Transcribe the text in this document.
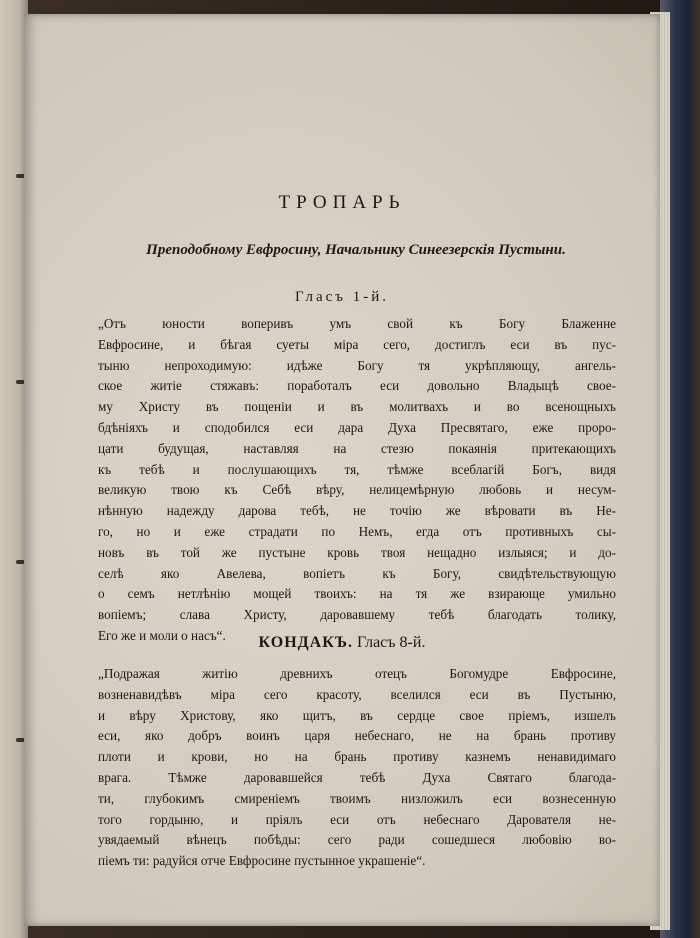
ТРОПАРЬ
Преподобному Евфросину, Начальнику Синеезерскія Пустыни.
Гласъ 1-й.
„Отъ юности воперивъ умъ свой къ Богу Блаженне
Евфросине, и бѣгая суеты міра сего, достиглъ еси въ пус-
тыню непроходимую: идѣже Богу тя укрѣпляющу, ангель-
ское житіе стяжавъ: поработалъ еси довольно Владыцѣ свое-
му Христу въ пощеніи и въ молитвахъ и во всенощныхъ
бдѣніяхъ и сподобился еси дара Духа Пресвятаго, еже проро-
цати будущая, наставляя на стезю покаянія притекающихъ
къ тебѣ и послушающихъ тя, тѣмже всеблагій Богъ, видя
великую твою къ Себѣ вѣру, нелицемѣрную любовь и несум-
нѣнную надежду дарова тебѣ, не точію же вѣровати въ Не-
го, но и еже страдати по Немъ, егда отъ противныхъ сы-
новъ въ той же пустыне кровь твоя нещадно излыяся; и до-
селѣ яко Авелева, вопіетъ къ Богу, свидѣтельствующую
о семъ нетлѣнію мощей твоихъ: на тя же взирающе умильно
вопіемъ; слава Христу, даровавшему тебѣ благодать толику,
Его же и моли о насъ“.	КОНДАКЪ. Гласъ 8-й.
„Подражая житію древнихъ отецъ Богомудре Евфросине,
возненавидѣвъ міра сего красоту, вселился еси въ Пустыню,
и вѣру Христову, яко щитъ, въ сердце свое пріемъ, изшелъ
еси, яко добръ воинъ царя небеснаго, не на брань противу
плоти и крови, но на брань противу казнемъ ненавидимаго
врага. Тѣмже даровавшейся тебѣ Духа Святаго благода-
ти, глубокимъ смиреніемъ твоимъ низложилъ еси вознесенную
того гордыню, и пріялъ еси отъ небеснаго Дарователя не-
увядаемый вѣнецъ побѣды: сего ради сошедшеся любовію во-
піемъ ти: радуйся отче Евфросине пустынное украшеніе“.
